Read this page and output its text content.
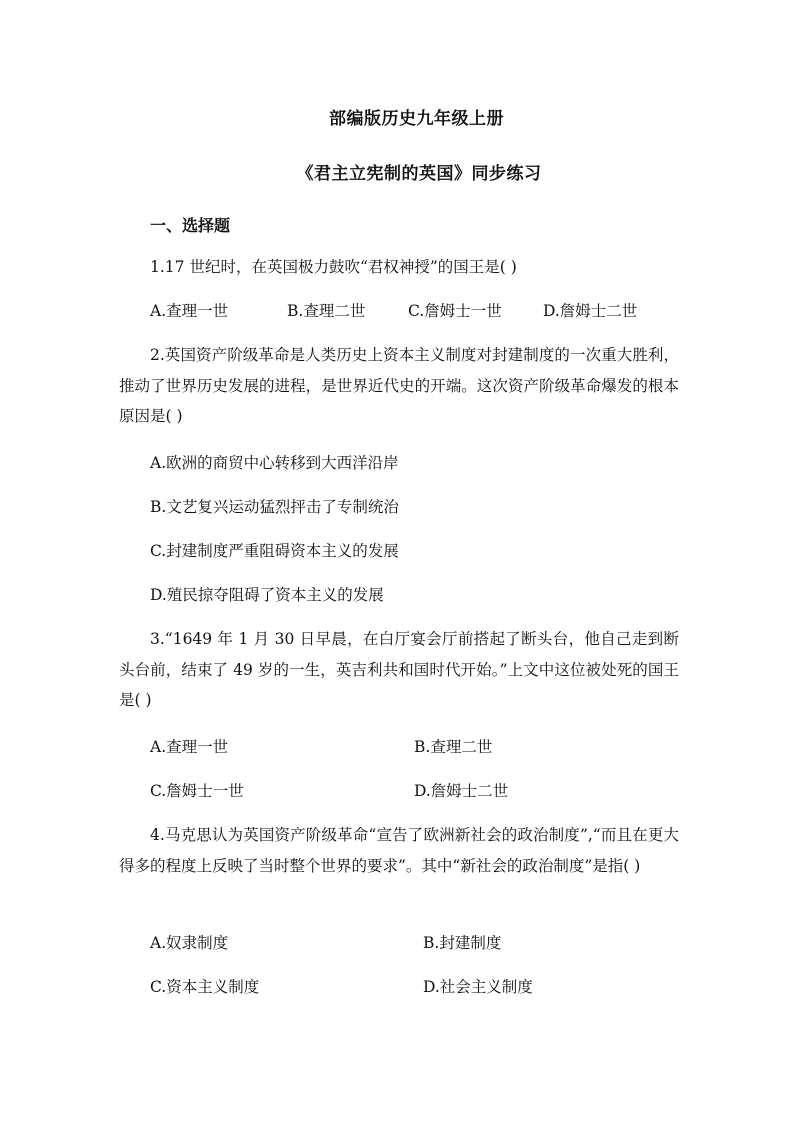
部编版历史九年级上册
《君主立宪制的英国》同步练习
一、选择题
1.17 世纪时，在英国极力鼓吹“君权神授”的国王是( )
A.查理一世	B.查理二世	C.詹姆士一世	D.詹姆士二世
2.英国资产阶级革命是人类历史上资本主义制度对封建制度的一次重大胜利，推动了世界历史发展的进程，是世界近代史的开端。这次资产阶级革命爆发的根本原因是( )
A.欧洲的商贸中心转移到大西洋沿岸
B.文艺复兴运动猛烈抨击了专制统治
C.封建制度严重阻碍资本主义的发展
D.殖民掠夺阻碍了资本主义的发展
3.“1649 年 1 月 30 日早晨，在白厅宴会厅前搭起了断头台，他自己走到断头台前，结束了 49 岁的一生，英吉利共和国时代开始。”上文中这位被处死的国王是( )
A.查理一世	B.查理二世
C.詹姆士一世	D.詹姆士二世
4.马克思认为英国资产阶级革命“宣告了欧洲新社会的政治制度”,“而且在更大得多的程度上反映了当时整个世界的要求”。其中“新社会的政治制度”是指( )
A.奴隶制度	B.封建制度
C.资本主义制度	D.社会主义制度
